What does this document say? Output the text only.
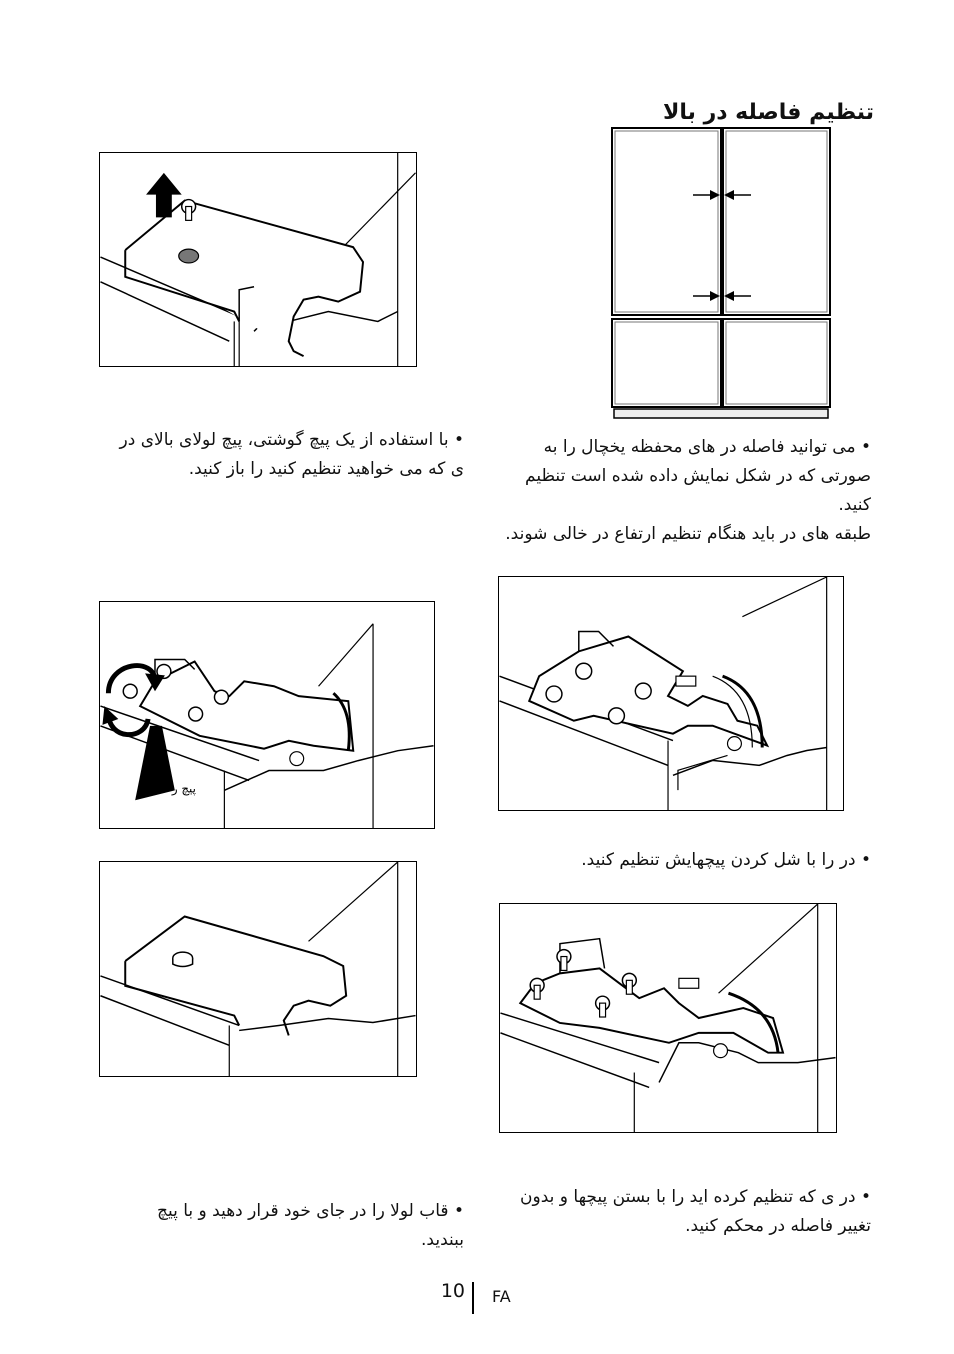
تنظیم فاصله در بالا
• می توانید فاصله در های محفظه یخچال را به
صورتی که در شکل نمایش داده شده است تنظیم
کنید.
طبقه های در باید هنگام تنظیم ارتفاع در خالی شوند.
• با استفاده از یک پیچ گوشتی، پیچ لولای بالای در ی که می خواهید تنظیم کنید را باز کنید.
پیچ ر
• در را با شل کردن پیچهایش تنظیم کنید.
• در ی که تنظیم کرده اید را با بستن پیچها و بدون تغییر فاصله در محکم کنید.
• قاب لولا را در جای خود قرار دهید و با پیچ ببندید.
10 FA
